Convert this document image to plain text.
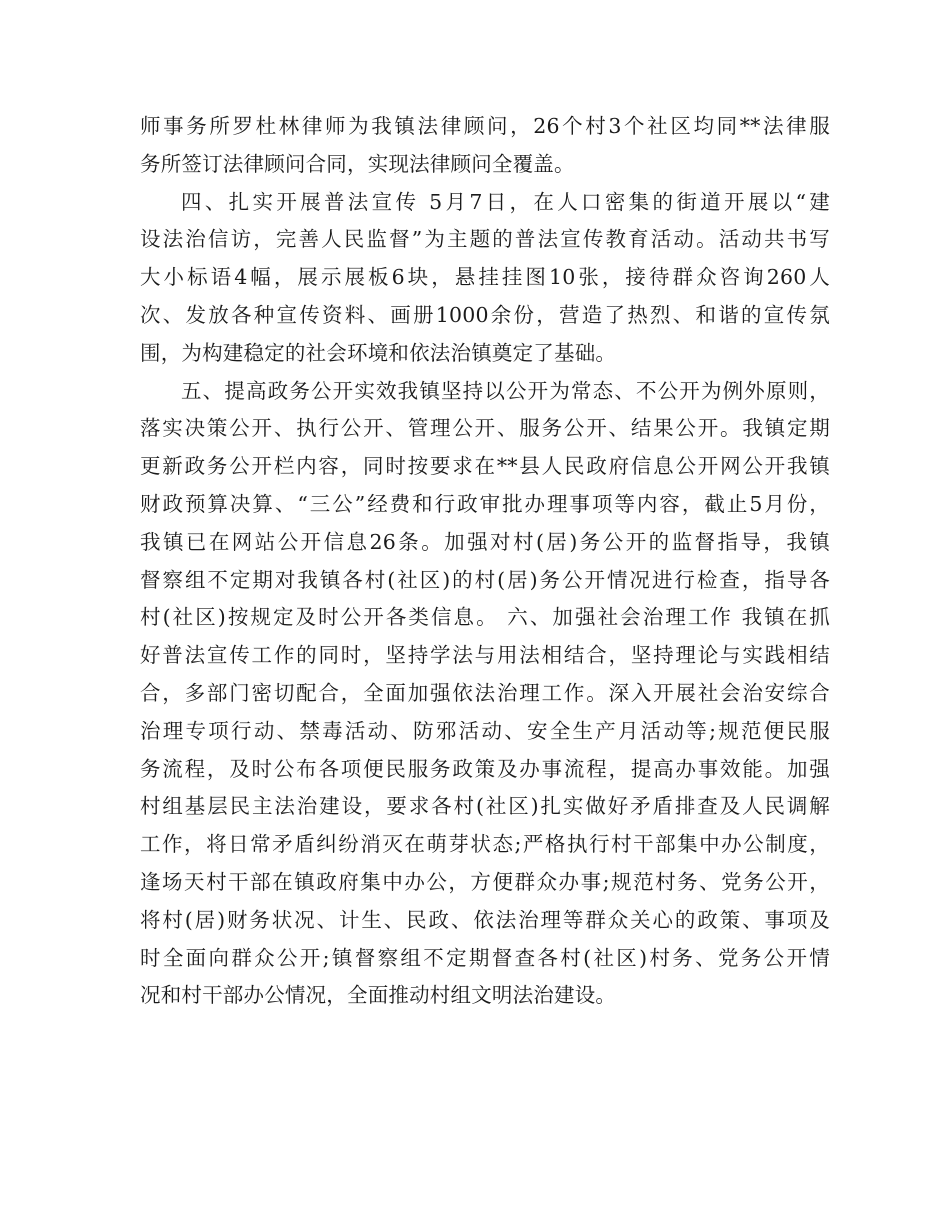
师事务所罗杜林律师为我镇法律顾问，26个村3个社区均同**法律服
务所签订法律顾问合同，实现法律顾问全覆盖。
四、扎实开展普法宣传 5月7日，在人口密集的街道开展以“建
设法治信访，完善人民监督”为主题的普法宣传教育活动。活动共书写
大小标语4幅，展示展板6块，悬挂挂图10张，接待群众咨询260人
次、发放各种宣传资料、画册1000余份，营造了热烈、和谐的宣传氛
围，为构建稳定的社会环境和依法治镇奠定了基础。
五、提高政务公开实效我镇坚持以公开为常态、不公开为例外原则，
落实决策公开、执行公开、管理公开、服务公开、结果公开。我镇定期
更新政务公开栏内容，同时按要求在**县人民政府信息公开网公开我镇
财政预算决算、“三公”经费和行政审批办理事项等内容，截止5月份，
我镇已在网站公开信息26条。加强对村(居)务公开的监督指导，我镇
督察组不定期对我镇各村(社区)的村(居)务公开情况进行检查，指导各
村(社区)按规定及时公开各类信息。 六、加强社会治理工作 我镇在抓
好普法宣传工作的同时，坚持学法与用法相结合，坚持理论与实践相结
合，多部门密切配合，全面加强依法治理工作。深入开展社会治安综合
治理专项行动、禁毒活动、防邪活动、安全生产月活动等;规范便民服
务流程，及时公布各项便民服务政策及办事流程，提高办事效能。加强
村组基层民主法治建设，要求各村(社区)扎实做好矛盾排查及人民调解
工作，将日常矛盾纠纷消灭在萌芽状态;严格执行村干部集中办公制度，
逢场天村干部在镇政府集中办公，方便群众办事;规范村务、党务公开，
将村(居)财务状况、计生、民政、依法治理等群众关心的政策、事项及
时全面向群众公开;镇督察组不定期督查各村(社区)村务、党务公开情
况和村干部办公情况，全面推动村组文明法治建设。
